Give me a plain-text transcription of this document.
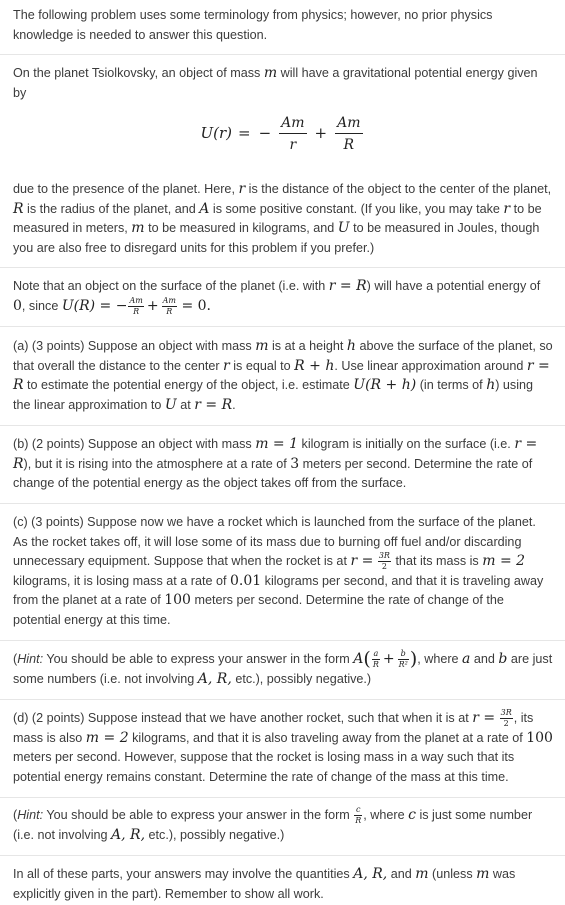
The following problem uses some terminology from physics; however, no prior physics knowledge is needed to answer this question.

On the planet Tsiolkovsky, an object of mass m will have a gravitational potential energy given by

U(r) = − $\frac{Am}{r} + \frac{Am}{R}$

due to the presence of the planet. Here, r is the distance of the object to the center of the planet, R is the radius of the planet, and A is some positive constant. (If you like, you may take r to be measured in meters, m to be measured in kilograms, and U to be measured in Joules, though you are also free to disregard units for this problem if you prefer.)

Note that an object on the surface of the planet (i.e. with r = R) will have a potential energy of 0, since U(R) = − $\frac{Am}{R} + \frac{Am}{R} = 0$.

(a) (3 points) Suppose an object with mass m is at a height h above the surface of the planet, so that overall the distance to the center r is equal to R + h. Use linear approximation around r = R to estimate the potential energy of the object, i.e. estimate U(R + h) (in terms of h) using the linear approximation to U at r = R.

(b) (2 points) Suppose an object with mass m = 1 kilogram is initially on the surface (i.e. r = R), but it is rising into the atmosphere at a rate of 3 meters per second. Determine the rate of change of the potential energy as the object takes off from the surface.

(c) (3 points) Suppose now we have a rocket which is launched from the surface of the planet. As the rocket takes off, it will lose some of its mass due to burning off fuel and/or discarding unnecessary equipment. Suppose that when the rocket is at $r = \frac{3R}{2}$ that its mass is m = 2 kilograms, it is losing mass at a rate of 0.01 kilograms per second, and that it is traveling away from the planet at a rate of 100 meters per second. Determine the rate of change of the potential energy at this time.

(Hint: You should be able to express your answer in the form $A( \frac{a}{R} + \frac{b}{\text{R²}}$ ), where a and b are just some numbers (i.e. not involving A, R, etc.), possibly negative.)

(d) (2 points) Suppose instead that we have another rocket, such that when it is at $r = \frac{3R}{2}$ , its mass is also m = 2 kilograms, and that it is also traveling away from the planet at a rate of 100 meters per second. However, suppose that the rocket is losing mass in a way such that its potential energy remains constant. Determine the rate of change of the mass at this time.

(Hint: You should be able to express your answer in the form $\frac{c}{R}$ , where c is just some number (i.e. not involving A, R, etc.), possibly negative.)

In all of these parts, your answers may involve the quantities A, R, and m (unless m was explicitly given in the part). Remember to show all work.
